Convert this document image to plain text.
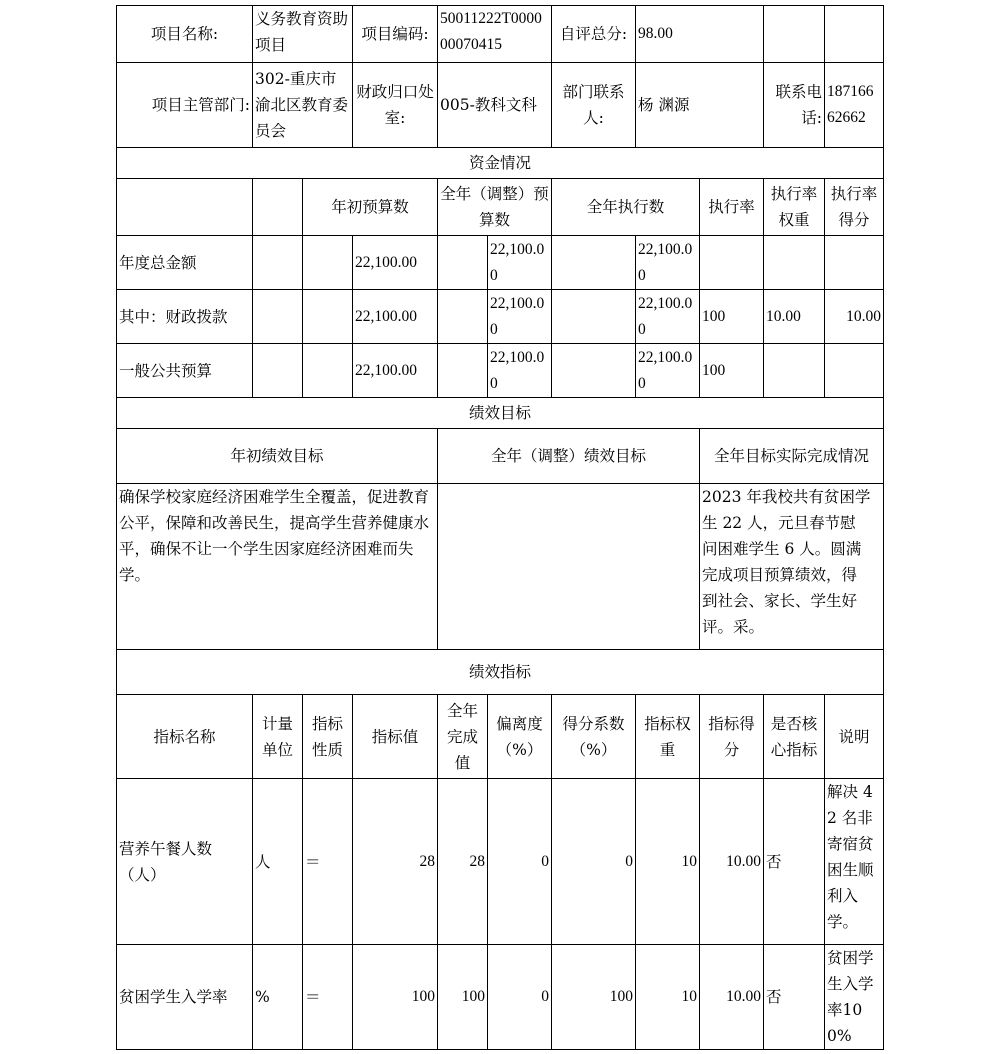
项目名称:	义务教育资助项目		项目编码:	50011222T000000070415		自评总分:	98.00			
项目主管部门:	302-重庆市渝北区教育委员会		财政归口处室:	005-教科文科		部门联系人:	杨 渊源		联系电话:	18716662662
资金情况										
		年初预算数		全年（调整）预算数		全年执行数		执行率	执行率权重	执行率得分
年度总金额			22,100.00		22,100.00		22,100.00			
其中：财政拨款			22,100.00		22,100.00		22,100.00	100	10.00	10.00
一般公共预算			22,100.00		22,100.00		22,100.00	100		
绩效目标										
年初绩效目标				全年（调整）绩效目标				全年目标实际完成情况		
确保学校家庭经济困难学生全覆盖，促进教育公平，保障和改善民生，提高学生营养健康水平，确保不让一个学生因家庭经济困难而失学。								2023 年我校共有贫困学生 22 人，元旦春节慰问困难学生 6 人。圆满完成项目预算绩效，得到社会、家长、学生好评。采。		
绩效指标										
指标名称	计量单位	指标性质	指标值	全年完成值	偏离度（%）	得分系数（%）	指标权重	指标得分	是否核心指标	说明
营养午餐人数（人）	人	＝	28	28	0	0	10	10.00	否	解决 42 名非寄宿贫困生顺利入学。
贫困学生入学率	%	＝	100	100	0	100	10	10.00	否	贫困学生入学率100%
